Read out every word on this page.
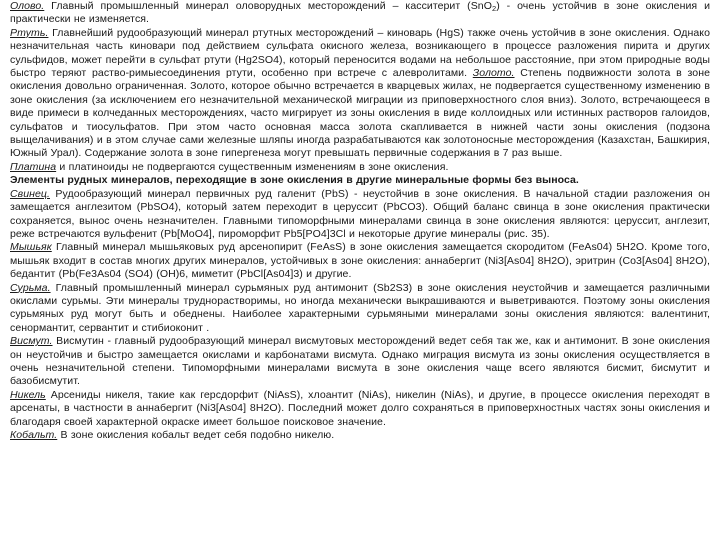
Олово. Главный промышленный минерал оловорудных месторождений – касситерит (SnO$_2$) - очень устойчив в зоне окисления и практически не изменяется.

Ртуть. Главнейший рудообразующий минерал ртутных месторождений – киноварь (HgS) также очень устойчив в зоне окисления. Однако незначительная часть киновари под действием сульфата окисного железа, возникающего в процессе разложения пирита и других сульфидов, может перейти в сульфат ртути (Hg2SO4), который переносится водами на небольшое расстояние, при этом природные воды быстро теряют раство-римыесоединения ртути, особенно при встрече с алевролитами. Золото. Степень подвижности золота в зоне окисления довольно ограниченная. Золото, которое обычно встречается в кварцевых жилах, не подвергается существенному изменению в зоне окисления (за исключением его незначительной механической миграции из приповерхностного слоя вниз). Золото, встречающееся в виде примеси в колчеданных месторождениях, часто мигрирует из зоны окисления в виде коллоидных или истинных растворов галоидов, сульфатов и тиосульфатов. При этом часто основная масса золота скапливается в нижней части зоны окисления (подзона выщелачивания) и в этом случае сами железные шляпы иногда разрабатываются как золотоносные месторождения (Казахстан, Башкирия, Южный Урал). Содержание золота в зоне гипергенеза могут превышать первичные содержания в 7 раз выше.

Платина и платиноиды не подвергаются существенным изменениям в зоне окисления.

Элементы рудных минералов, переходящие в зоне окисления в другие минеральные формы без выноса.

Свинец. Рудообразующий минерал первичных руд галенит (PbS) - неустойчив в зоне окисления. В начальной стадии разложения он замещается англезитом (PbSO4), который затем переходит в церуссит (PbCO3). Общий баланс свинца в зоне окисления практически сохраняется, вынос очень незначителен. Главными типоморфными минералами свинца в зоне окисления являются: церуссит, англезит, реже встречаются вульфенит (Pb[MoO4], пироморфит Pb5[PO4]3Cl и некоторые другие минералы (рис. 35).

Мышьяк Главный минерал мышьяковых руд арсенопирит (FeAsS) в зоне окисления замещается скородитом (FeAs04) 5H2O. Кроме того, мышьяк входит в состав многих других минералов, устойчивых в зоне окисления: аннабергит (Ni3[As04] 8H2O), эритрин (Co3[As04] 8H2O), бедантит (Pb(Fe3As04 (SO4) (OH)6, миметит (PbCl[As04]3) и другие.

Сурьма. Главный промышленный минерал сурьмяных руд антимонит (Sb2S3) в зоне окисления неустойчив и замещается различными окислами сурьмы. Эти минералы труднорастворимы, но иногда механически выкрашиваются и выветриваются. Поэтому зоны окисления сурьмяных руд могут быть и обеднены. Наиболее характерными сурьмяными минералами зоны окисления являются: валентинит, сенормантит, сервантит и стибиоконит .

Висмут. Висмутин - главный рудообразующий минерал висмутовых месторождений ведет себя так же, как и антимонит. В зоне окисления он неустойчив и быстро замещается окислами и карбонатами висмута. Однако миграция висмута из зоны окисления осуществляется в очень незначительной степени. Типоморфными минералами висмута в зоне окисления чаще всего являются бисмит, бисмутит и базобисмутит.

Никель Арсениды никеля, такие как герсдорфит (NiAsS), хлоантит (NiAs), никелин (NiAs), и другие, в процессе окисления переходят в арсенаты, в частности в аннабергит (Ni3[As04] 8H2O). Последний может долго сохраняться в приповерхностных частях зоны окисления и благодаря своей характерной окраске имеет большое поисковое значение.

Кобальт. В зоне окисления кобальт ведет себя подобно никелю.
